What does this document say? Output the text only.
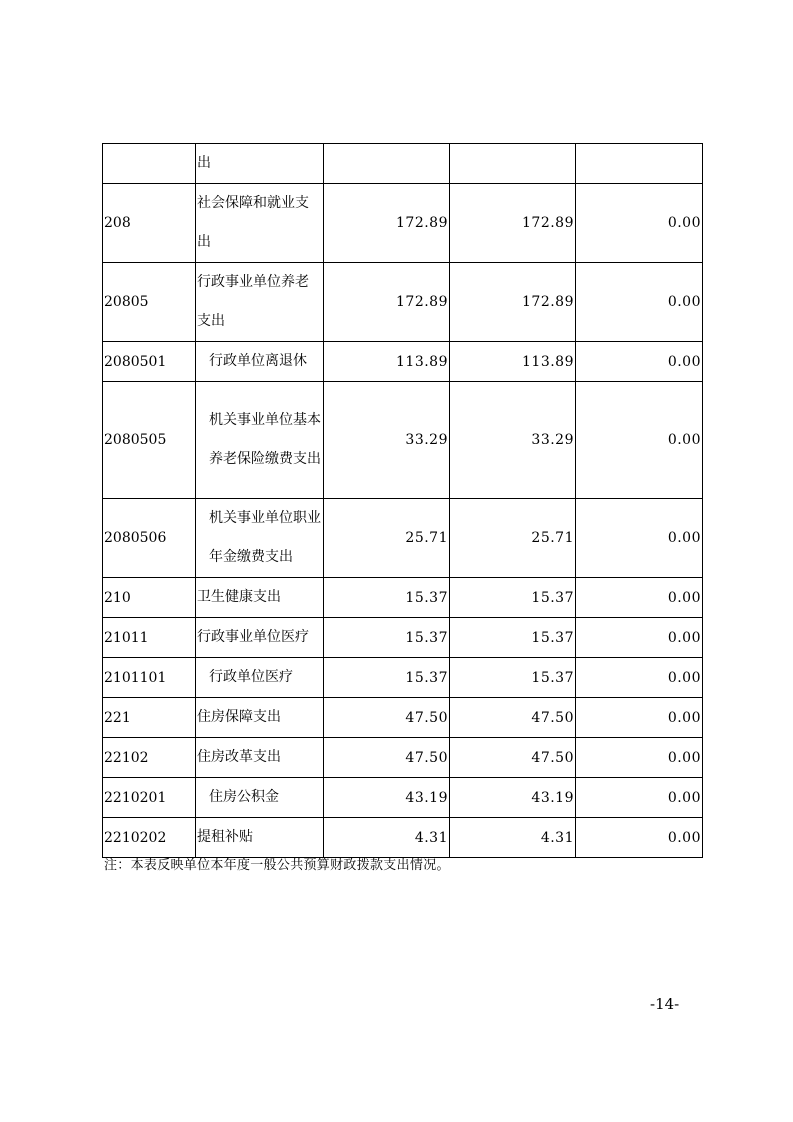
	出			

208	社会保障和就业支出	172.89	172.89	0.00
20805	行政事业单位养老支出	172.89	172.89	0.00
2080501	行政单位离退休	113.89	113.89	0.00
2080505	机关事业单位基本养老保险缴费支出	33.29	33.29	0.00
2080506	机关事业单位职业年金缴费支出	25.71	25.71	0.00
210	卫生健康支出	15.37	15.37	0.00
21011	行政事业单位医疗	15.37	15.37	0.00
2101101	行政单位医疗	15.37	15.37	0.00
221	住房保障支出	47.50	47.50	0.00
22102	住房改革支出	47.50	47.50	0.00
2210201	住房公积金	43.19	43.19	0.00
2210202	提租补贴	4.31	4.31	0.00
注：本表反映单位本年度一般公共预算财政拨款支出情况。
-14-
